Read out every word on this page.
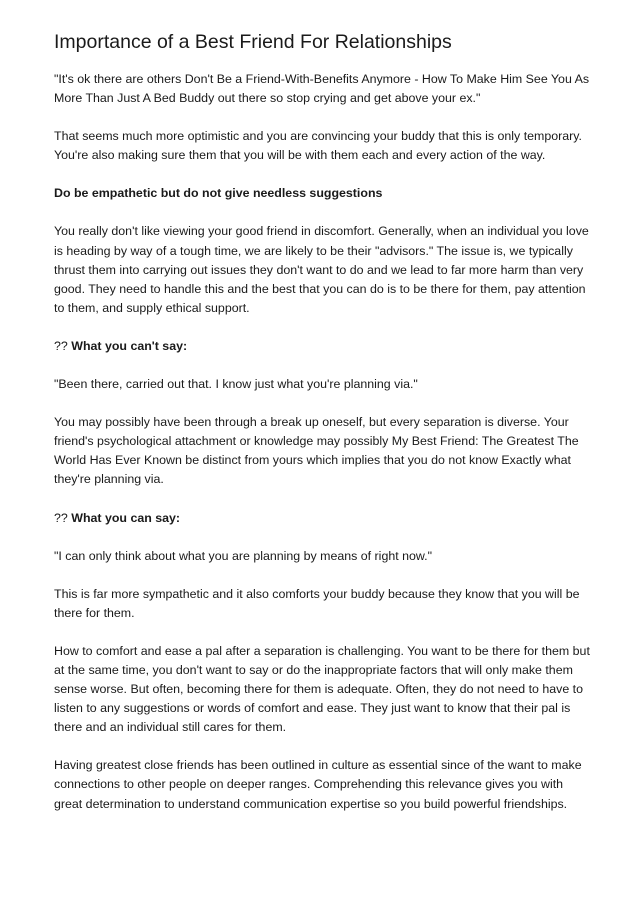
Importance of a Best Friend For Relationships

"It's ok there are others Don't Be a Friend-With-Benefits Anymore - How To Make Him See You As More Than Just A Bed Buddy out there so stop crying and get above your ex."

That seems much more optimistic and you are convincing your buddy that this is only temporary. You're also making sure them that you will be with them each and every action of the way.

Do be empathetic but do not give needless suggestions

You really don't like viewing your good friend in discomfort. Generally, when an individual you love is heading by way of a tough time, we are likely to be their "advisors." The issue is, we typically thrust them into carrying out issues they don't want to do and we lead to far more harm than very good. They need to handle this and the best that you can do is to be there for them, pay attention to them, and supply ethical support.

?? What you can't say:

"Been there, carried out that. I know just what you're planning via."

You may possibly have been through a break up oneself, but every separation is diverse. Your friend's psychological attachment or knowledge may possibly My Best Friend: The Greatest The World Has Ever Known be distinct from yours which implies that you do not know Exactly what they're planning via.

?? What you can say:

"I can only think about what you are planning by means of right now."

This is far more sympathetic and it also comforts your buddy because they know that you will be there for them.

How to comfort and ease a pal after a separation is challenging. You want to be there for them but at the same time, you don't want to say or do the inappropriate factors that will only make them sense worse. But often, becoming there for them is adequate. Often, they do not need to have to listen to any suggestions or words of comfort and ease. They just want to know that their pal is there and an individual still cares for them.

Having greatest close friends has been outlined in culture as essential since of the want to make connections to other people on deeper ranges. Comprehending this relevance gives you with great determination to understand communication expertise so you build powerful friendships.
